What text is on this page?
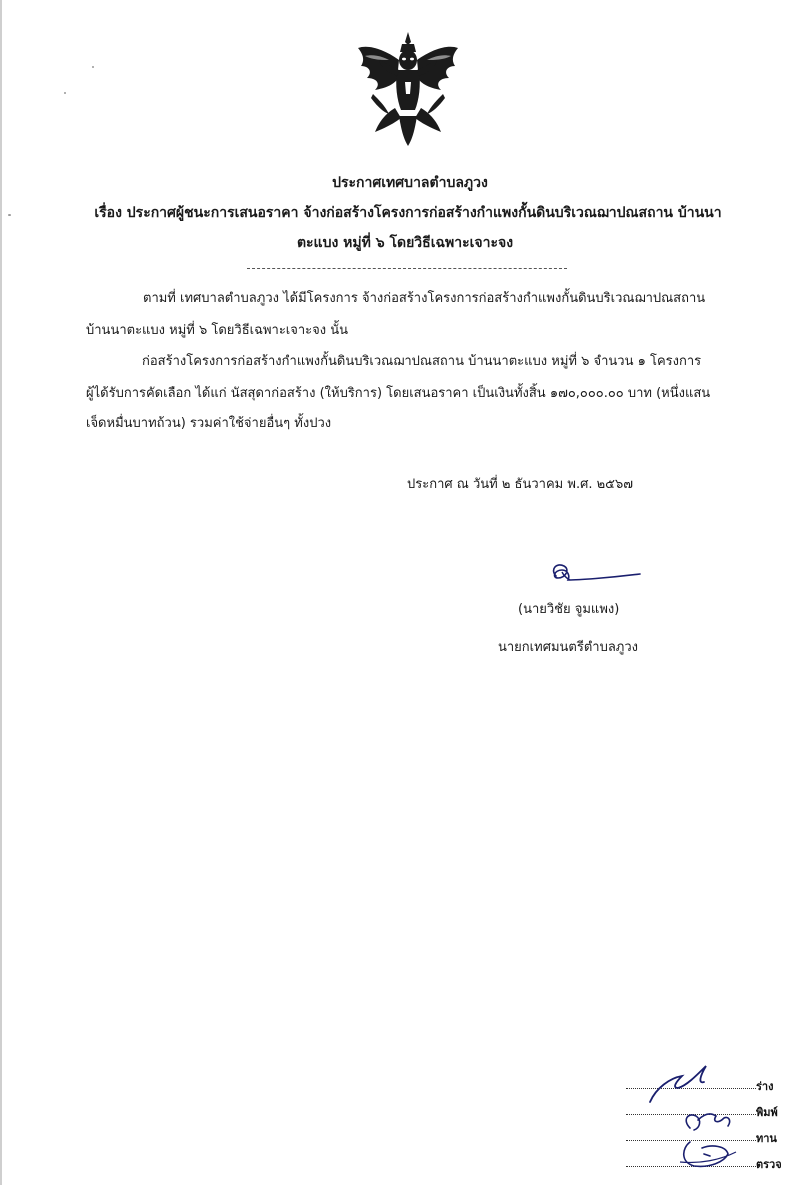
ประกาศเทศบาลตำบลภูวง
เรื่อง ประกาศผู้ชนะการเสนอราคา จ้างก่อสร้างโครงการก่อสร้างกำแพงกั้นดินบริเวณฌาปณสถาน บ้านนา
ตะแบง หมู่ที่ ๖ โดยวิธีเฉพาะเจาะจง
ตามที่ เทศบาลตำบลภูวง ได้มีโครงการ จ้างก่อสร้างโครงการก่อสร้างกำแพงกั้นดินบริเวณฌาปณสถาน
บ้านนาตะแบง หมู่ที่ ๖ โดยวิธีเฉพาะเจาะจง นั้น
ก่อสร้างโครงการก่อสร้างกำแพงกั้นดินบริเวณฌาปณสถาน บ้านนาตะแบง หมู่ที่ ๖ จำนวน ๑ โครงการ
ผู้ได้รับการคัดเลือก ได้แก่ นัสสุดาก่อสร้าง (ให้บริการ) โดยเสนอราคา เป็นเงินทั้งสิ้น ๑๗๐,๐๐๐.๐๐ บาท (หนึ่งแสน
เจ็ดหมื่นบาทถ้วน) รวมค่าใช้จ่ายอื่นๆ ทั้งปวง
ประกาศ ณ วันที่ ๒ ธันวาคม พ.ศ. ๒๕๖๗
(นายวิชัย จูมแพง)
นายกเทศมนตรีตำบลภูวง
ร่าง
พิมพ์
ทาน
ตรวจ
